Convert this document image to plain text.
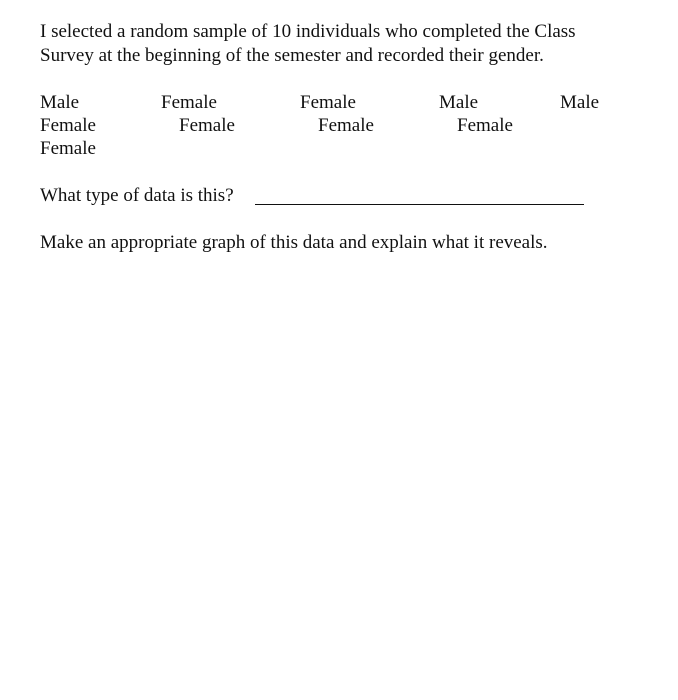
I selected a random sample of 10 individuals who completed the Class
Survey at the beginning of the semester and recorded their gender.

Male	Female	Female	Male	Male
Female	Female	Female	Female
Female
What type of data is this?
Make an appropriate graph of this data and explain what it reveals.
